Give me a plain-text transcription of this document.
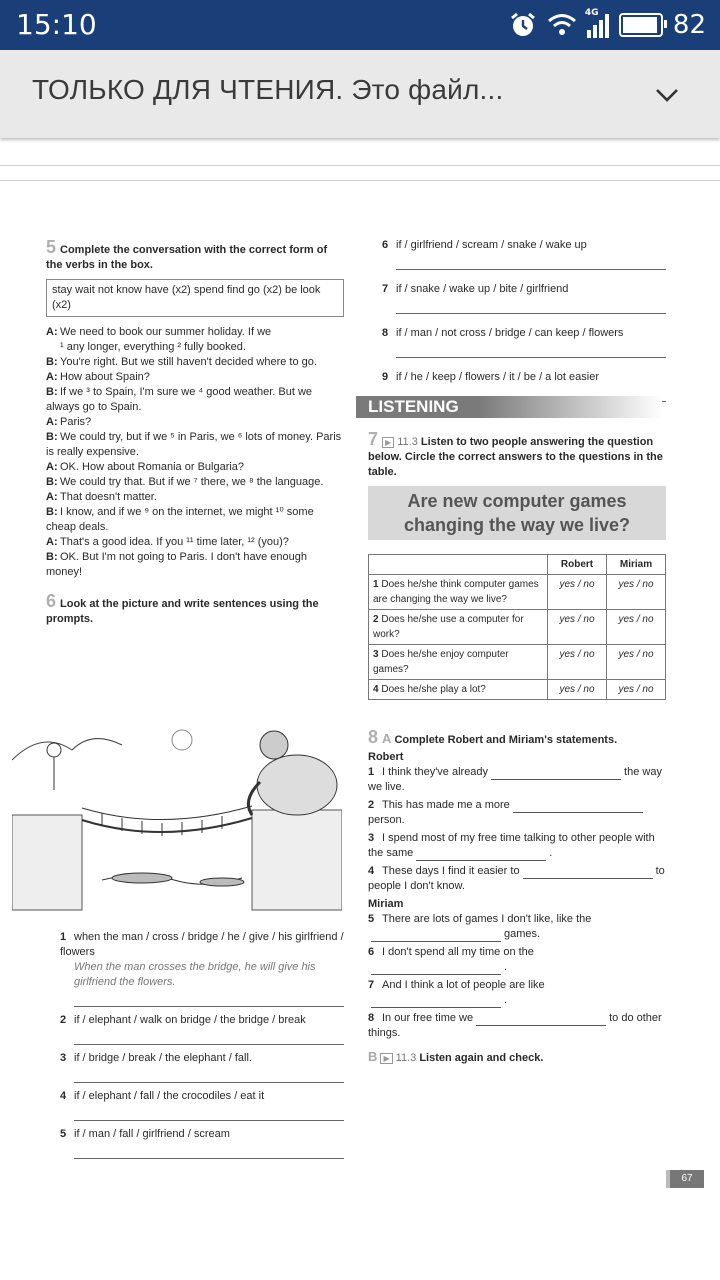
15:10	4G	82
ТОЛЬКО ДЛЯ ЧТЕНИЯ. Это файл...

5 Complete the conversation with the correct form of the verbs in the box.

stay wait not know have (x2) spend find go (x2) be look (x2)

A: We need to book our summer holiday. If we

¹ any longer, everything ² fully booked.

B: You're right. But we still haven't decided where to go.

A: How about Spain?

B: If we ³ to Spain, I'm sure we ⁴ good weather. But we always go to Spain.

A: Paris?

B: We could try, but if we ⁵ in Paris, we ⁶ lots of money. Paris is really expensive.

A: OK. How about Romania or Bulgaria?

B: We could try that. But if we ⁷ there, we ⁸ the language.

A: That doesn't matter.

B: I know, and if we ⁹ on the internet, we might ¹⁰ some cheap deals.

A: That's a good idea. If you ¹¹ time later, ¹² (you)?

B: OK. But I'm not going to Paris. I don't have enough money!

6 Look at the picture and write sentences using the prompts.

1 when the man / cross / bridge / he / give / his girlfriend / flowers

When the man crosses the bridge, he will give his girlfriend the flowers.

2 if / elephant / walk on bridge / the bridge / break

3 if / bridge / break / the elephant / fall.

4 if / elephant / fall / the crocodiles / eat it

5 if / man / fall / girlfriend / scream

6 if / girlfriend / scream / snake / wake up

7 if / snake / wake up / bite / girlfriend

8 if / man / not cross / bridge / can keep / flowers

9 if / he / keep / flowers / it / be / a lot easier

LISTENING

7 ▶ 11.3 Listen to two people answering the question below. Circle the correct answers to the questions in the table.

Are new computer games changing the way we live?
	Robert	Miriam
1 Does he/she think computer games are changing the way we live?	yes / no	yes / no
2 Does he/she use a computer for work?	yes / no	yes / no
3 Does he/she enjoy computer games?	yes / no	yes / no
4 Does he/she play a lot?	yes / no	yes / no

8 A Complete Robert and Miriam's statements.

Robert

1 I think they've already	the way we live.

2 This has made me a moreperson.

3 I spend most of my free time talking to other people with the same	.

4 These days I find it easier to	to people I don't know.

Miriam

5 There are lots of games I don't like, like thegames.

6 I don't spend all my time on the.

7 And I think a lot of people are like.

8 In our free time we	to do other things.

B ▶ 11.3 Listen again and check.

67
